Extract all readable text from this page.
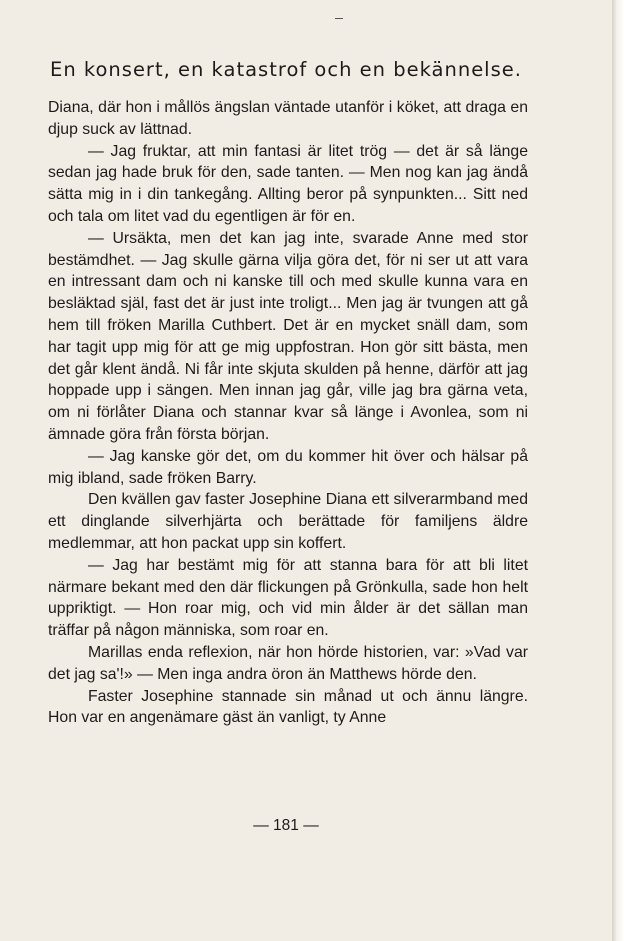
En konsert, en katastrof och en bekännelse.

Diana, där hon i mållös ängslan väntade utanför i köket, att draga en djup suck av lättnad.

— Jag fruktar, att min fantasi är litet trög — det är så länge sedan jag hade bruk för den, sade tanten. — Men nog kan jag ändå sätta mig in i din tankegång. Allting beror på synpunkten... Sitt ned och tala om litet vad du egentligen är för en.

— Ursäkta, men det kan jag inte, svarade Anne med stor bestämdhet. — Jag skulle gärna vilja göra det, för ni ser ut att vara en intressant dam och ni kanske till och med skulle kunna vara en besläktad själ, fast det är just inte troligt... Men jag är tvungen att gå hem till fröken Marilla Cuthbert. Det är en mycket snäll dam, som har tagit upp mig för att ge mig uppfostran. Hon gör sitt bästa, men det går klent ändå. Ni får inte skjuta skulden på henne, därför att jag hoppade upp i sängen. Men innan jag går, ville jag bra gärna veta, om ni förlåter Diana och stannar kvar så länge i Avonlea, som ni ämnade göra från första början.

— Jag kanske gör det, om du kommer hit över och hälsar på mig ibland, sade fröken Barry.

Den kvällen gav faster Josephine Diana ett silverarmband med ett dinglande silverhjärta och berättade för familjens äldre medlemmar, att hon packat upp sin koffert.

— Jag har bestämt mig för att stanna bara för att bli litet närmare bekant med den där flickungen på Grönkulla, sade hon helt uppriktigt. — Hon roar mig, och vid min ålder är det sällan man träffar på någon människa, som roar en.

Marillas enda reflexion, när hon hörde historien, var: »Vad var det jag sa'!» — Men inga andra öron än Matthews hörde den.

Faster Josephine stannade sin månad ut och ännu längre. Hon var en angenämare gäst än vanligt, ty Anne

— 181 —
